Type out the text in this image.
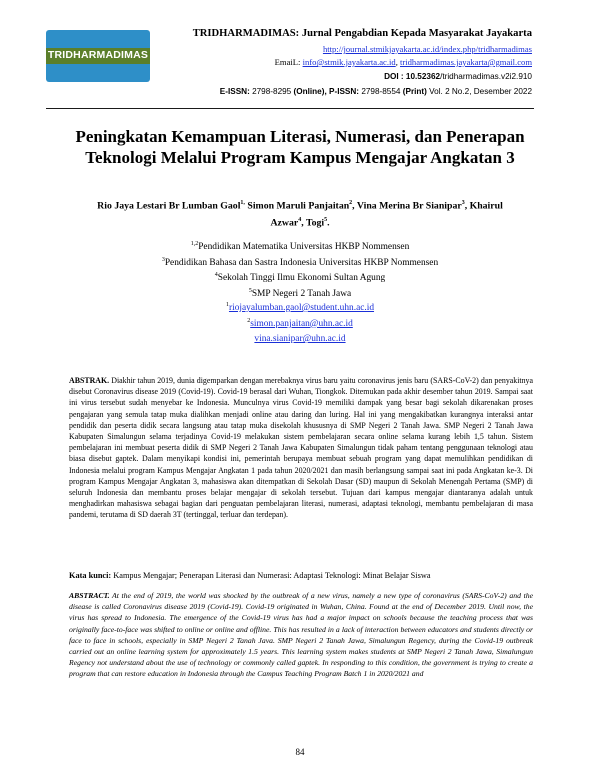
TRIDHARMADIMAS
TRIDHARMADIMAS: Jurnal Pengabdian Kepada Masyarakat Jayakarta
http://journal.stmikjayakarta.ac.id/index.php/tridharmadimas
EmaiL: info@stmik.jayakarta.ac.id, tridharmadimas.jayakarta@gmail.com
DOI : 10.52362/tridharmadimas.v2i2.910
E-ISSN: 2798-8295 (Online), P-ISSN: 2798-8554 (Print) Vol. 2 No.2, Desember 2022
Peningkatan Kemampuan Literasi, Numerasi, dan Penerapan Teknologi Melalui Program Kampus Mengajar Angkatan 3
Rio Jaya Lestari Br Lumban Gaol$^{1,}$ Simon Maruli Panjaitan$^2$, Vina Merina Br Sianipar$^3$, Khairul Azwar$^4$, Togi$^5$.
$^{1,2}$Pendidikan Matematika Universitas HKBP Nommensen
$^3$Pendidikan Bahasa dan Sastra Indonesia Universitas HKBP Nommensen
$^4$Sekolah Tinggi Ilmu Ekonomi Sultan Agung
$^5$SMP Negeri 2 Tanah Jawa
$^1$riojayalumban.gaol@student.uhn.ac.id
$^2$simon.panjaitan@uhn.ac.id
vina.sianipar@uhn.ac.id
ABSTRAK. Diakhir tahun 2019, dunia digemparkan dengan merebaknya virus baru yaitu coronavirus jenis baru (SARS-CoV-2) dan penyakitnya disebut Coronavirus disease 2019 (Covid-19). Covid-19 berasal dari Wuhan, Tiongkok. Ditemukan pada akhir desember tahun 2019. Sampai saat ini virus tersebut sudah menyebar ke Indonesia. Munculnya virus Covid-19 memiliki dampak yang besar bagi sekolah dikarenakan proses pengajaran yang semula tatap muka dialihkan menjadi online atau daring dan luring. Hal ini yang mengakibatkan kurangnya interaksi antar pendidik dan peserta didik secara langsung atau tatap muka disekolah khususnya di SMP Negeri 2 Tanah Jawa. SMP Negeri 2 Tanah Jawa Kabupaten Simalungun selama terjadinya Covid-19 melakukan sistem pembelajaran secara online selama kurang lebih 1,5 tahun. Sistem pembelajaran ini membuat peserta didik di SMP Negeri 2 Tanah Jawa Kabupaten Simalungun tidak paham tentang penggunaan teknologi atau biasa disebut gaptek. Dalam menyikapi kondisi ini, pemerintah berupaya membuat sebuah program yang dapat memulihkan pendidikan di Indonesia melalui program Kampus Mengajar Angkatan 1 pada tahun 2020/2021 dan masih berlangsung sampai saat ini pada Angkatan ke-3. Di program Kampus Mengajar Angkatan 3, mahasiswa akan ditempatkan di Sekolah Dasar (SD) maupun di Sekolah Menengah Pertama (SMP) di seluruh Indonesia dan membantu proses belajar mengajar di sekolah tersebut. Tujuan dari kampus mengajar diantaranya adalah untuk menghadirkan mahasiswa sebagai bagian dari penguatan pembelajaran literasi, numerasi, adaptasi teknologi, membantu pembelajaran di masa pandemi, terutama di SD daerah 3T (tertinggal, terluar dan terdepan).
Kata kunci: Kampus Mengajar; Penerapan Literasi dan Numerasi: Adaptasi Teknologi: Minat Belajar Siswa
ABSTRACT. At the end of 2019, the world was shocked by the outbreak of a new virus, namely a new type of coronavirus (SARS-CoV-2) and the disease is called Coronavirus disease 2019 (Covid-19). Covid-19 originated in Wuhan, China. Found at the end of December 2019. Until now, the virus has spread to Indonesia. The emergence of the Covid-19 virus has had a major impact on schools because the teaching process that was originally face-to-face was shifted to online or online and offline. This has resulted in a lack of interaction between educators and students directly or face to face in schools, especially in SMP Negeri 2 Tanah Java. SMP Negeri 2 Tanah Jawa, Simalungun Regency, during the Covid-19 outbreak carried out an online learning system for approximately 1.5 years. This learning system makes students at SMP Negeri 2 Tanah Jawa, Simalungun Regency not understand about the use of technology or commonly called gaptek. In responding to this condition, the government is trying to create a program that can restore education in Indonesia through the Campus Teaching Program Batch 1 in 2020/2021 and
84
